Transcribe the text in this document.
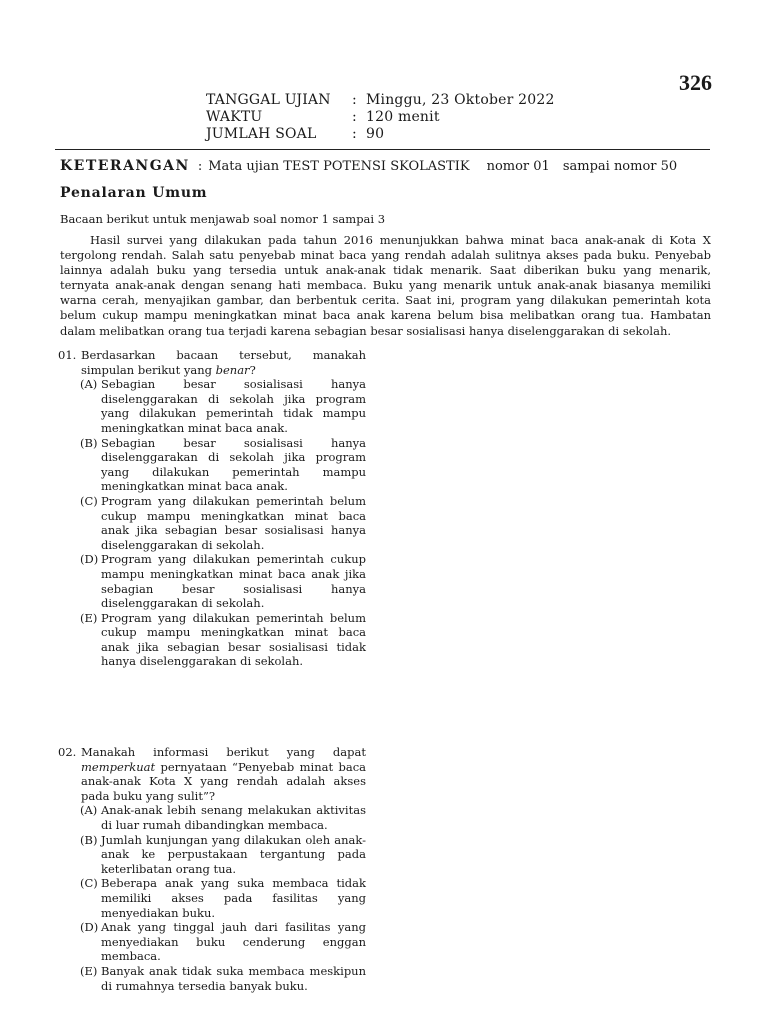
326
TANGGAL UJIAN	: Minggu, 23 Oktober 2022
WAKTU	: 120 menit
JUMLAH SOAL	: 90
KETERANGAN : Mata ujian TEST POTENSI SKOLASTIK nomor 01 sampai nomor 50
Penalaran Umum
Bacaan berikut untuk menjawab soal nomor 1 sampai 3

Hasil survei yang dilakukan pada tahun 2016 menunjukkan bahwa minat baca anak-anak di Kota X tergolong rendah. Salah satu penyebab minat baca yang rendah adalah sulitnya akses pada buku. Penyebab lainnya adalah buku yang tersedia untuk anak-anak tidak menarik. Saat diberikan buku yang menarik, ternyata anak-anak dengan senang hati membaca. Buku yang menarik untuk anak-anak biasanya memiliki warna cerah, menyajikan gambar, dan berbentuk cerita. Saat ini, program yang dilakukan pemerintah kota belum cukup mampu meningkatkan minat baca anak karena belum bisa melibatkan orang tua. Hambatan dalam melibatkan orang tua terjadi karena sebagian besar sosialisasi hanya diselenggarakan di sekolah.

01. Berdasarkan bacaan tersebut, manakah simpulan berikut yang benar?
(A) Sebagian besar sosialisasi hanya diselenggarakan di sekolah jika program yang dilakukan pemerintah tidak mampu meningkatkan minat baca anak.
(B) Sebagian besar sosialisasi hanya diselenggarakan di sekolah jika program yang dilakukan pemerintah mampu meningkatkan minat baca anak.
(C) Program yang dilakukan pemerintah belum cukup mampu meningkatkan minat baca anak jika sebagian besar sosialisasi hanya diselenggarakan di sekolah.
(D) Program yang dilakukan pemerintah cukup mampu meningkatkan minat baca anak jika sebagian besar sosialisasi hanya diselenggarakan di sekolah.
(E) Program yang dilakukan pemerintah belum cukup mampu meningkatkan minat baca anak jika sebagian besar sosialisasi tidak hanya diselenggarakan di sekolah.
02. Manakah informasi berikut yang dapat memperkuat pernyataan “Penyebab minat baca anak-anak Kota X yang rendah adalah akses pada buku yang sulit”?
(A) Anak-anak lebih senang melakukan aktivitas di luar rumah dibandingkan membaca.
(B) Jumlah kunjungan yang dilakukan oleh anak-anak ke perpustakaan tergantung pada keterlibatan orang tua.
(C) Beberapa anak yang suka membaca tidak memiliki akses pada fasilitas yang menyediakan buku.
(D) Anak yang tinggal jauh dari fasilitas yang menyediakan buku cenderung enggan membaca.
(E) Banyak anak tidak suka membaca meskipun di rumahnya tersedia banyak buku.
